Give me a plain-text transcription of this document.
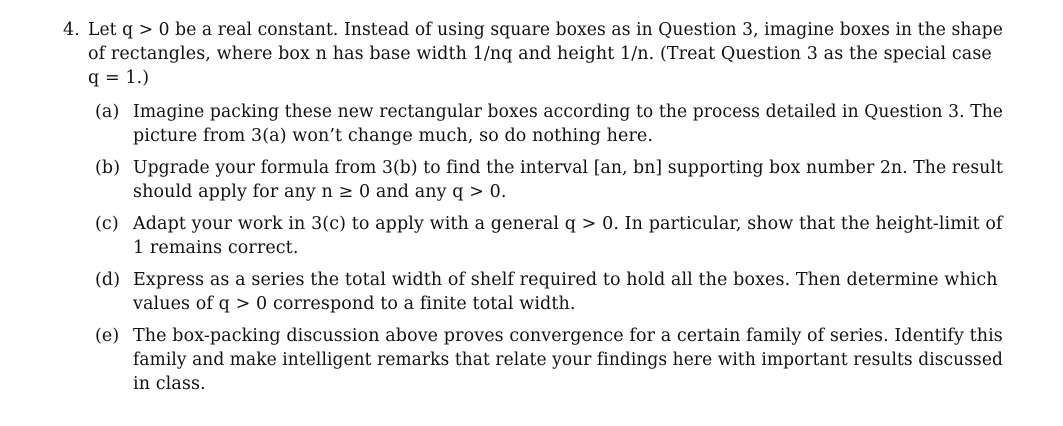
4. Let q > 0 be a real constant. Instead of using square boxes as in Question 3, imagine boxes in the shape
of rectangles, where box n has base width 1/nq and height 1/n. (Treat Question 3 as the special case
q = 1.)
(a) Imagine packing these new rectangular boxes according to the process detailed in Question 3. The
picture from 3(a) won’t change much, so do nothing here.
(b) Upgrade your formula from 3(b) to find the interval [an, bn] supporting box number 2n. The result
should apply for any n ≥ 0 and any q > 0.
(c) Adapt your work in 3(c) to apply with a general q > 0. In particular, show that the height-limit of
1 remains correct.
(d) Express as a series the total width of shelf required to hold all the boxes. Then determine which
values of q > 0 correspond to a finite total width.
(e) The box-packing discussion above proves convergence for a certain family of series. Identify this
family and make intelligent remarks that relate your findings here with important results discussed
in class.
